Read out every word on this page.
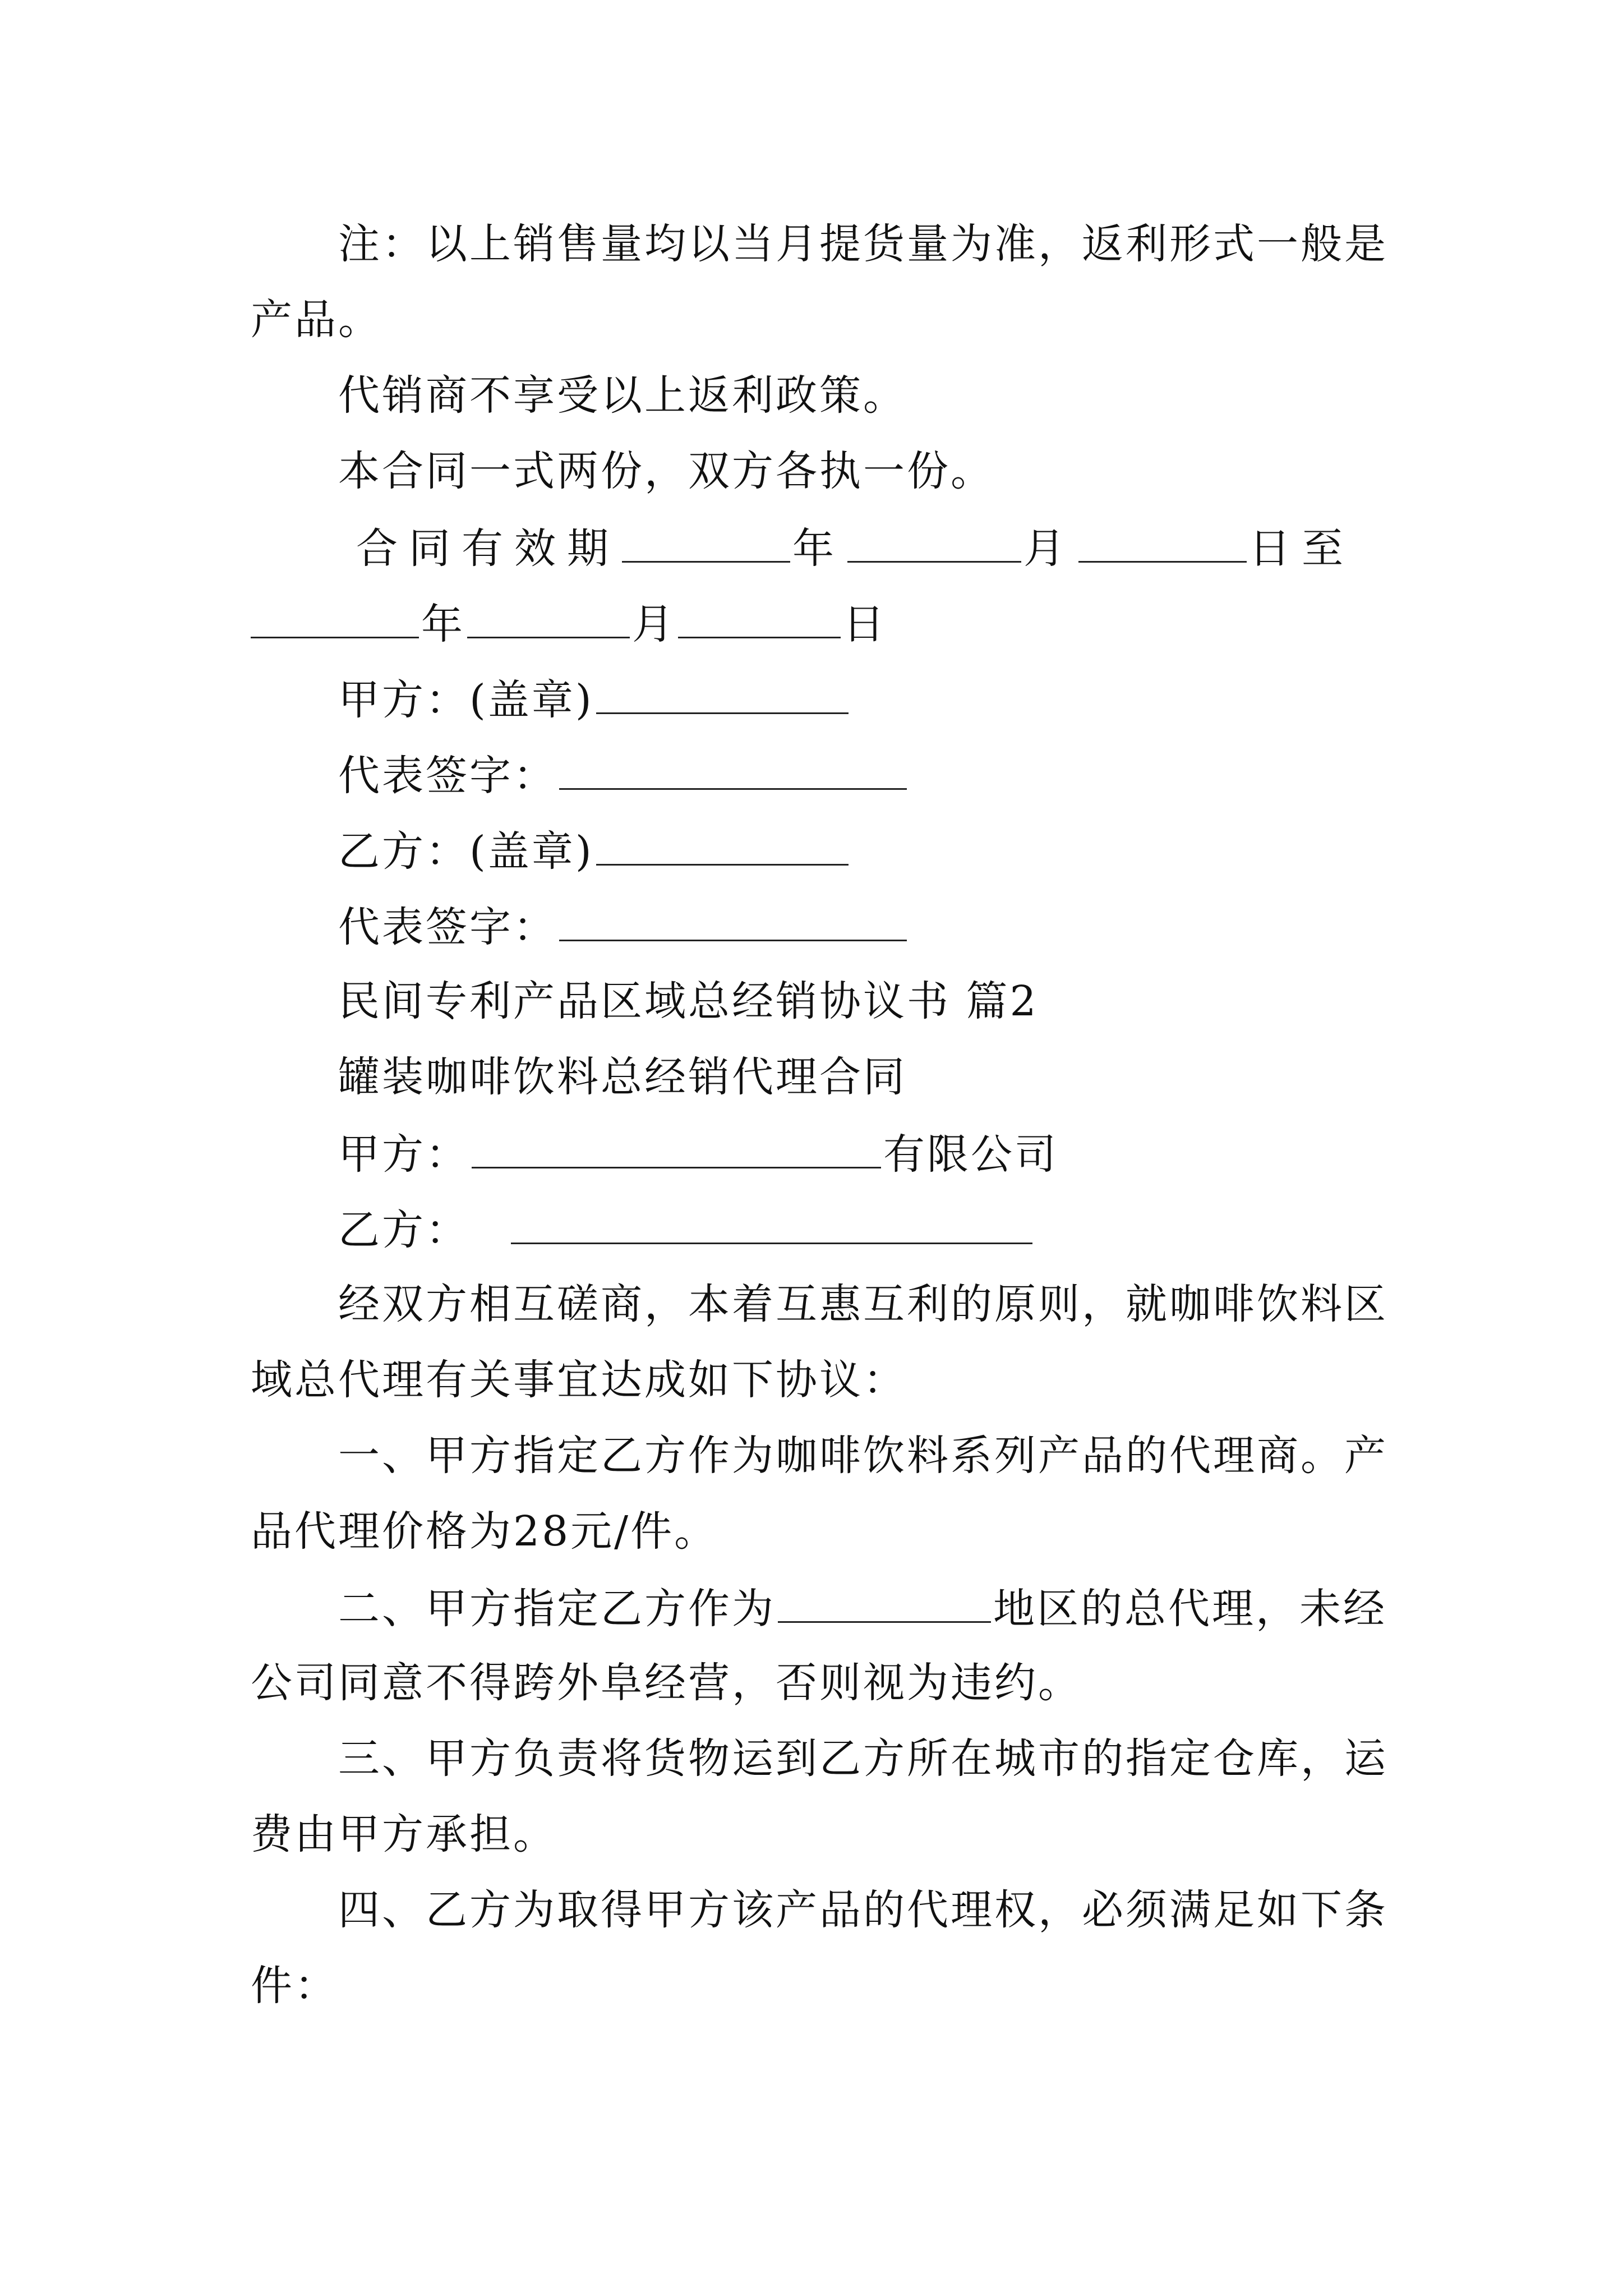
注：以上销售量均以当月提货量为准，返利形式一般是
产品。
代销商不享受以上返利政策。
本合同一式两份，双方各执一份。
合同有效期	年	月	日至
年	月	日
甲方：(盖章)
代表签字：
乙方：(盖章)
代表签字：
民间专利产品区域总经销协议书 篇2
罐装咖啡饮料总经销代理合同
甲方：	有限公司
乙方：
经双方相互磋商，本着互惠互利的原则，就咖啡饮料区
域总代理有关事宜达成如下协议：
一、甲方指定乙方作为咖啡饮料系列产品的代理商。产
品代理价格为28元/件。
二、甲方指定乙方作为	地区的总代理，未经
公司同意不得跨外阜经营，否则视为违约。
三、甲方负责将货物运到乙方所在城市的指定仓库，运
费由甲方承担。
四、乙方为取得甲方该产品的代理权，必须满足如下条
件：
